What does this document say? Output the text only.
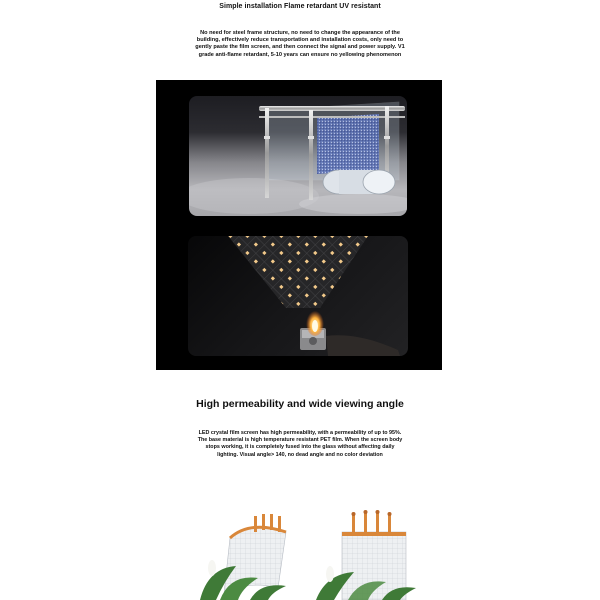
Simple installation Flame retardant UV resistant
No need for steel frame structure, no need to change the appearance of the
building, effectively reduce transportation and installation costs, only need to
gently paste the film screen, and then connect the signal and power supply. V1
grade anti-flame retardant, 5-10 years can ensure no yellowing phenomenon
High permeability and wide viewing angle
LED crystal film screen has high permeability, with a permeability of up to 95%.
The base material is high temperature resistant PET film. When the screen body
stops working, it is completely fused into the glass without affecting daily
lighting. Visual angle> 140, no dead angle and no color deviation
